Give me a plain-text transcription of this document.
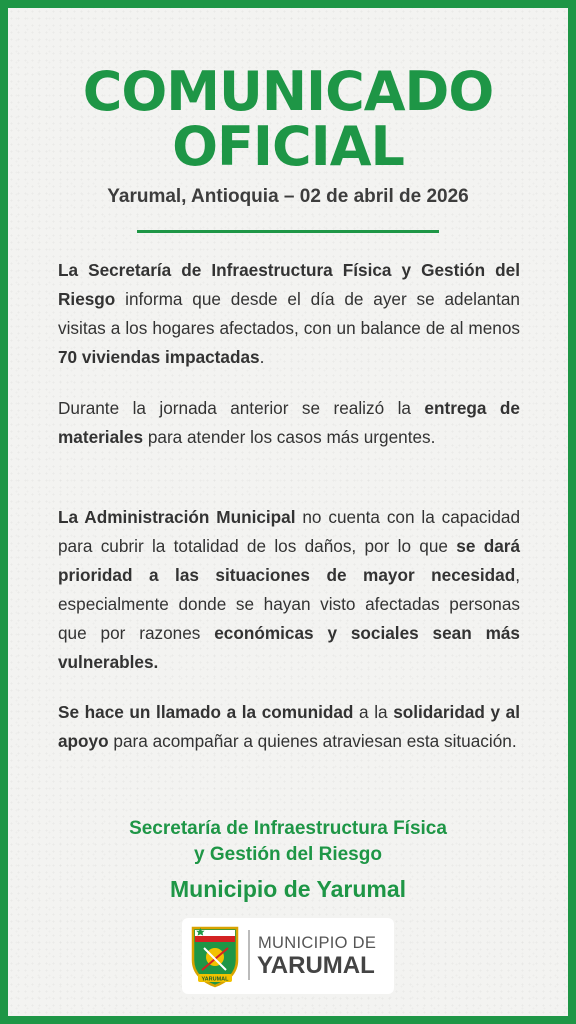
COMUNICADO
OFICIAL
Yarumal, Antioquia – 02 de abril de 2026

La Secretaría de Infraestructura Física y Gestión del Riesgo informa que desde el día de ayer se adelantan visitas a los hogares afectados, con un balance de al menos 70 viviendas impactadas.

Durante la jornada anterior se realizó la entrega de materiales para atender los casos más urgentes.

La Administración Municipal no cuenta con la capacidad para cubrir la totalidad de los daños, por lo que se dará prioridad a las situaciones de mayor necesidad, especialmente donde se hayan visto afectadas personas que por razones económicas y sociales sean más vulnerables.

Se hace un llamado a la comunidad a la solidaridad y al apoyo para acompañar a quienes atraviesan esta situación.

Secretaría de Infraestructura Física
y Gestión del Riesgo
Municipio de Yarumal
YARUMAL
MUNICIPIO DE
YARUMAL
